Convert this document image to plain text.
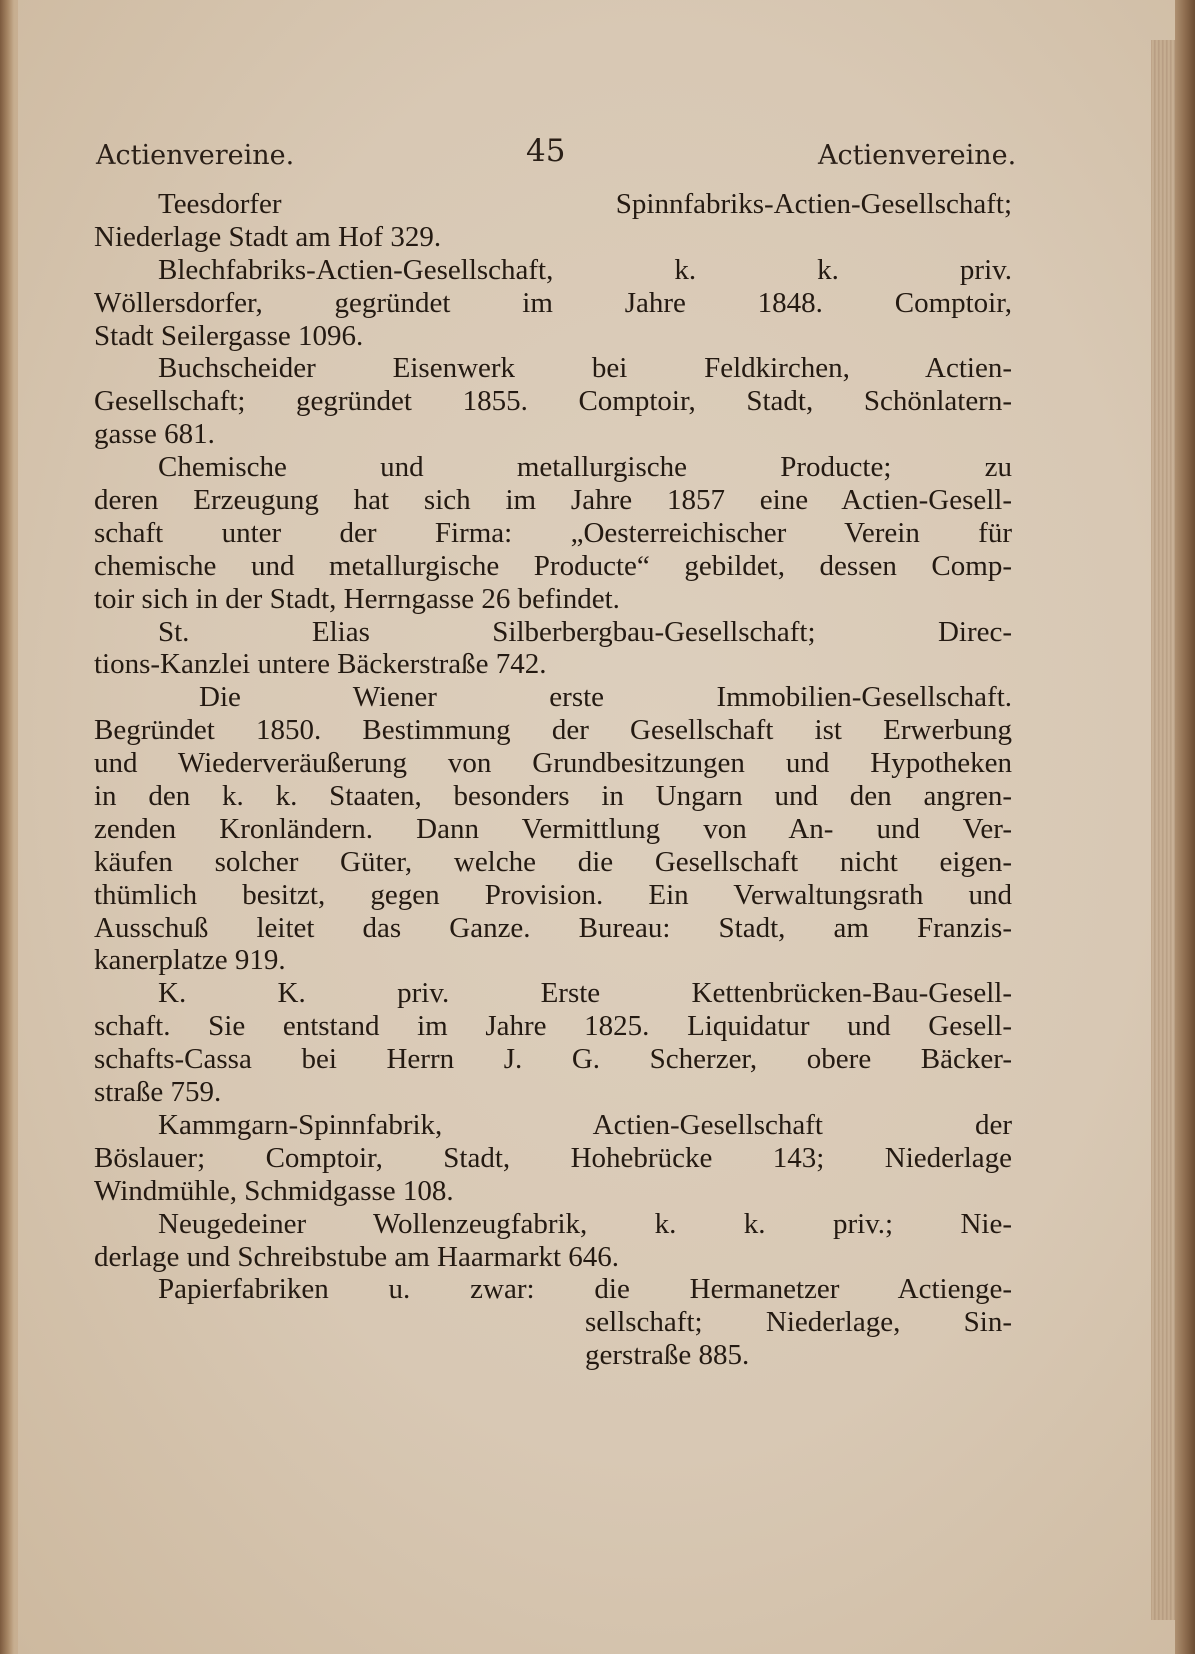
Actienvereine.	45	Actienvereine.
Teesdorfer Spinnfabriks-Actien-Gesellschaft;
Niederlage Stadt am Hof 329.
Blechfabriks-Actien-Gesellschaft, k. k. priv.
Wöllersdorfer, gegründet im Jahre 1848. Comptoir,
Stadt Seilergasse 1096.
Buchscheider Eisenwerk bei Feldkirchen, Actien-
Gesellschaft; gegründet 1855. Comptoir, Stadt, Schönlatern-
gasse 681.
Chemische und metallurgische Producte; zu
deren Erzeugung hat sich im Jahre 1857 eine Actien-Gesell-
schaft unter der Firma: „Oesterreichischer Verein für
chemische und metallurgische Producte“ gebildet, dessen Comp-
toir sich in der Stadt, Herrngasse 26 befindet.
St. Elias Silberbergbau-Gesellschaft; Direc-
tions-Kanzlei untere Bäckerstraße 742.
Die Wiener erste Immobilien-Gesellschaft.
Begründet 1850. Bestimmung der Gesellschaft ist Erwerbung
und Wiederveräußerung von Grundbesitzungen und Hypotheken
in den k. k. Staaten, besonders in Ungarn und den angren-
zenden Kronländern. Dann Vermittlung von An- und Ver-
käufen solcher Güter, welche die Gesellschaft nicht eigen-
thümlich besitzt, gegen Provision. Ein Verwaltungsrath und
Ausschuß leitet das Ganze. Bureau: Stadt, am Franzis-
kanerplatze 919.
K. K. priv. Erste Kettenbrücken-Bau-Gesell-
schaft. Sie entstand im Jahre 1825. Liquidatur und Gesell-
schafts-Cassa bei Herrn J. G. Scherzer, obere Bäcker-
straße 759.
Kammgarn-Spinnfabrik, Actien-Gesellschaft der
Böslauer; Comptoir, Stadt, Hohebrücke 143; Niederlage
Windmühle, Schmidgasse 108.
Neugedeiner Wollenzeugfabrik, k. k. priv.; Nie-
derlage und Schreibstube am Haarmarkt 646.
Papierfabriken u. zwar: die Hermanetzer Actienge-
sellschaft; Niederlage, Sin-
gerstraße 885.
